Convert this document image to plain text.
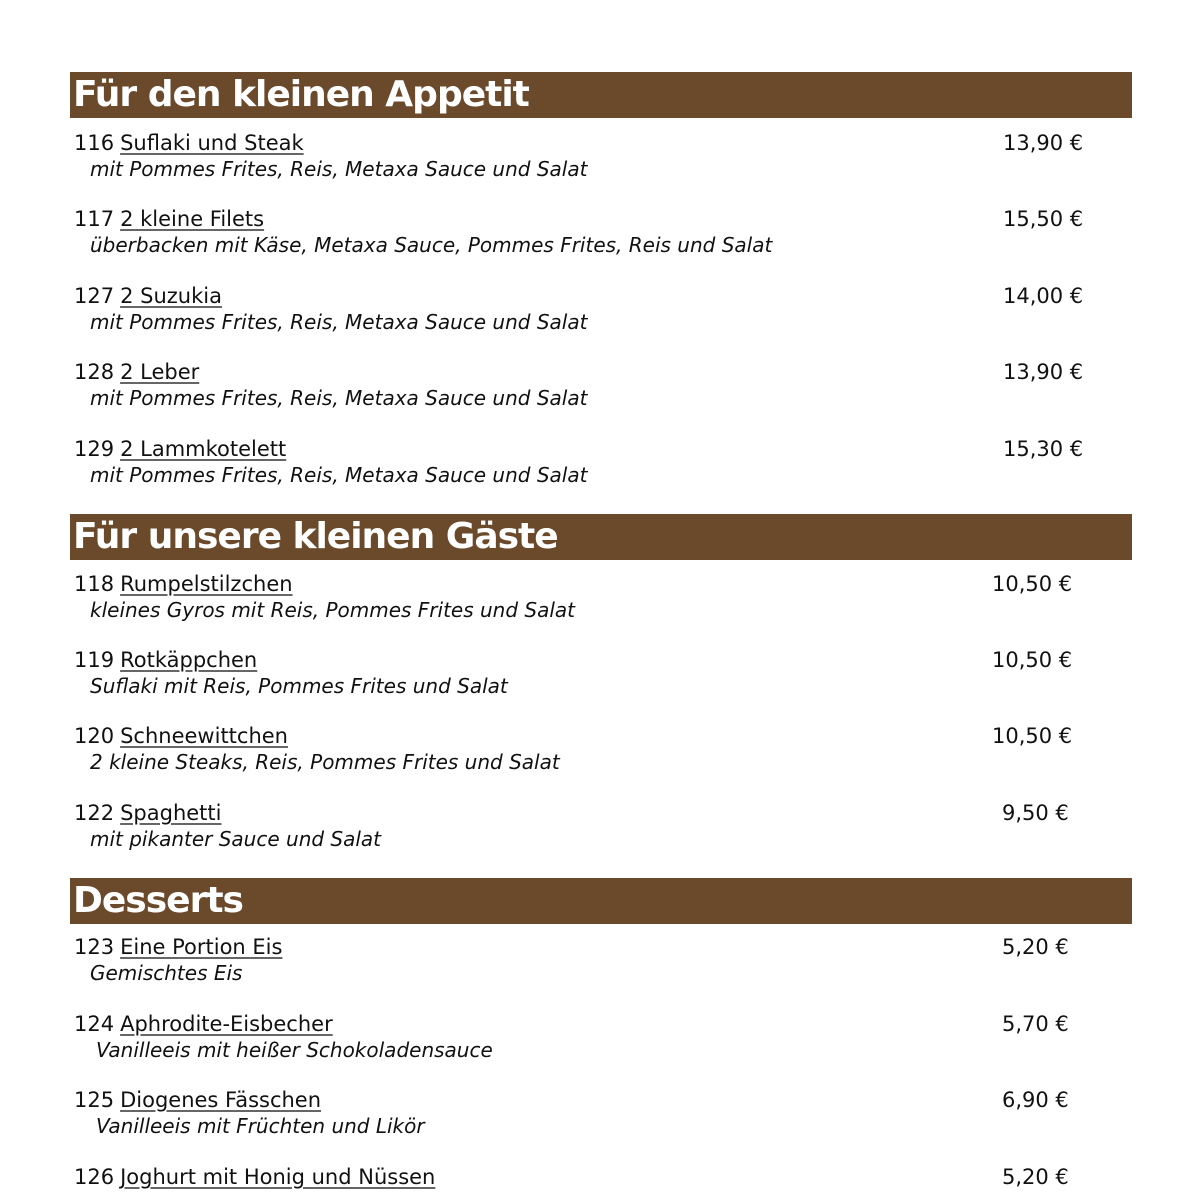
Für den kleinen Appetit
116 Suflaki und Steak	13,90 €
mit Pommes Frites, Reis, Metaxa Sauce und Salat
117 2 kleine Filets	15,50 €
überbacken mit Käse, Metaxa Sauce, Pommes Frites, Reis und Salat
127 2 Suzukia	14,00 €
mit Pommes Frites, Reis, Metaxa Sauce und Salat
128 2 Leber	13,90 €
mit Pommes Frites, Reis, Metaxa Sauce und Salat
129 2 Lammkotelett	15,30 €
mit Pommes Frites, Reis, Metaxa Sauce und Salat
Für unsere kleinen Gäste
118 Rumpelstilzchen	10,50 €
kleines Gyros mit Reis, Pommes Frites und Salat
119 Rotkäppchen	10,50 €
Suflaki mit Reis, Pommes Frites und Salat
120 Schneewittchen	10,50 €
2 kleine Steaks, Reis, Pommes Frites und Salat
122 Spaghetti	9,50 €
mit pikanter Sauce und Salat
Desserts
123 Eine Portion Eis	5,20 €
Gemischtes Eis
124 Aphrodite-Eisbecher	5,70 €
Vanilleeis mit heißer Schokoladensauce
125 Diogenes Fässchen	6,90 €
Vanilleeis mit Früchten und Likör
126 Joghurt mit Honig und Nüssen	5,20 €
